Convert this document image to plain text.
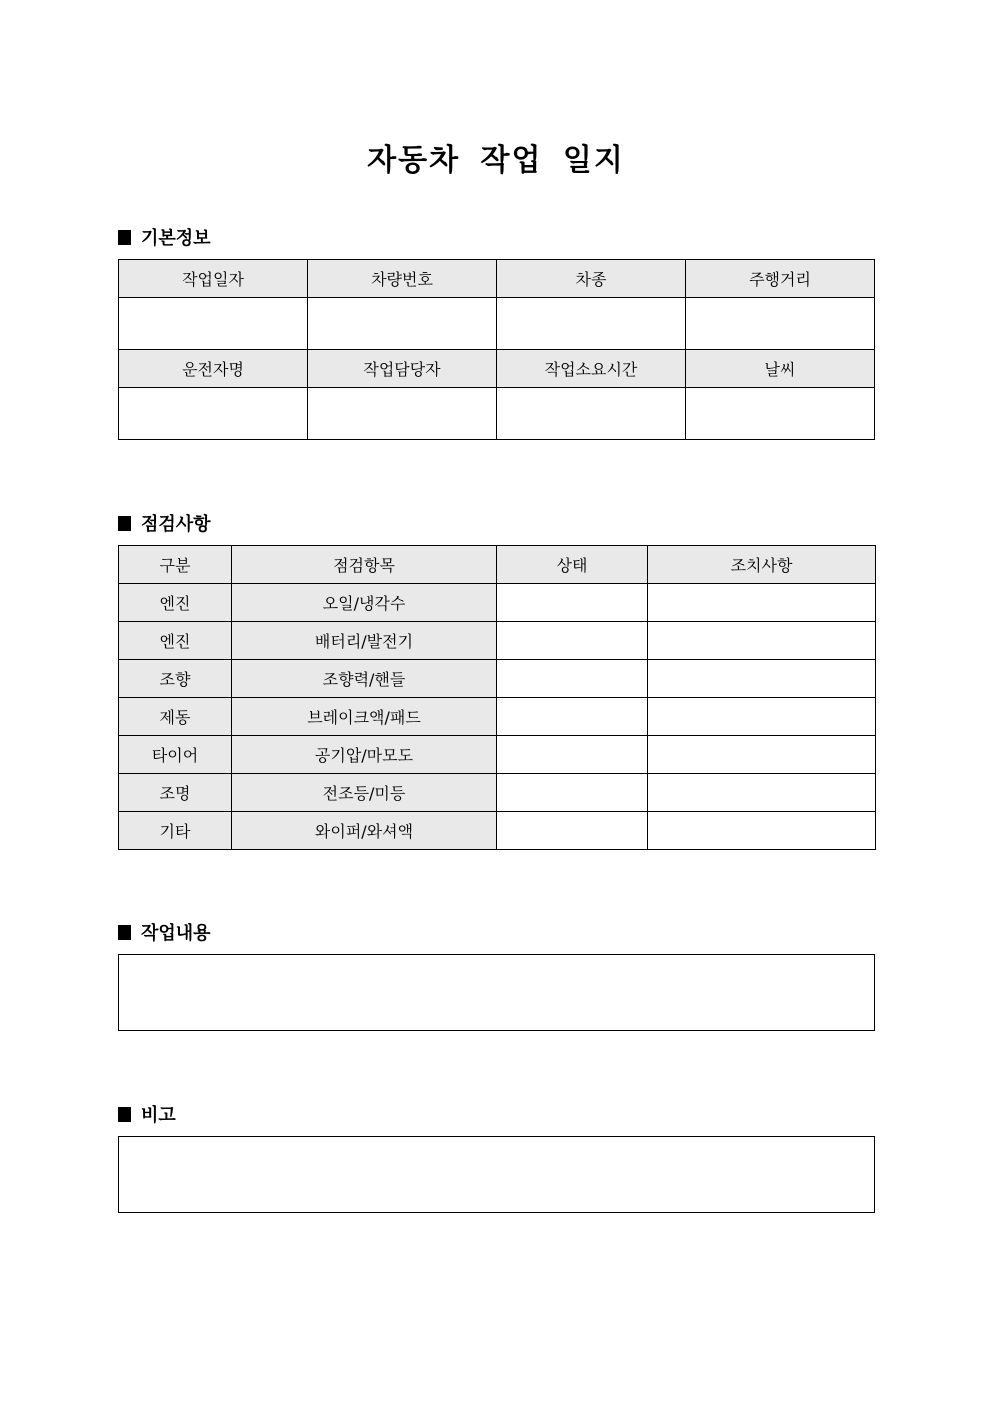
자동차 작업 일지
기본정보
작업일자	차량번호	차종	주행거리

운전자명	작업담당자	작업소요시간	날씨

점검사항
구분	점검항목	상태	조치사항
엔진	오일/냉각수		
엔진	배터리/발전기		
조향	조향력/핸들		
제동	브레이크액/패드		
타이어	공기압/마모도		
조명	전조등/미등		
기타	와이퍼/와셔액		
작업내용
비고
